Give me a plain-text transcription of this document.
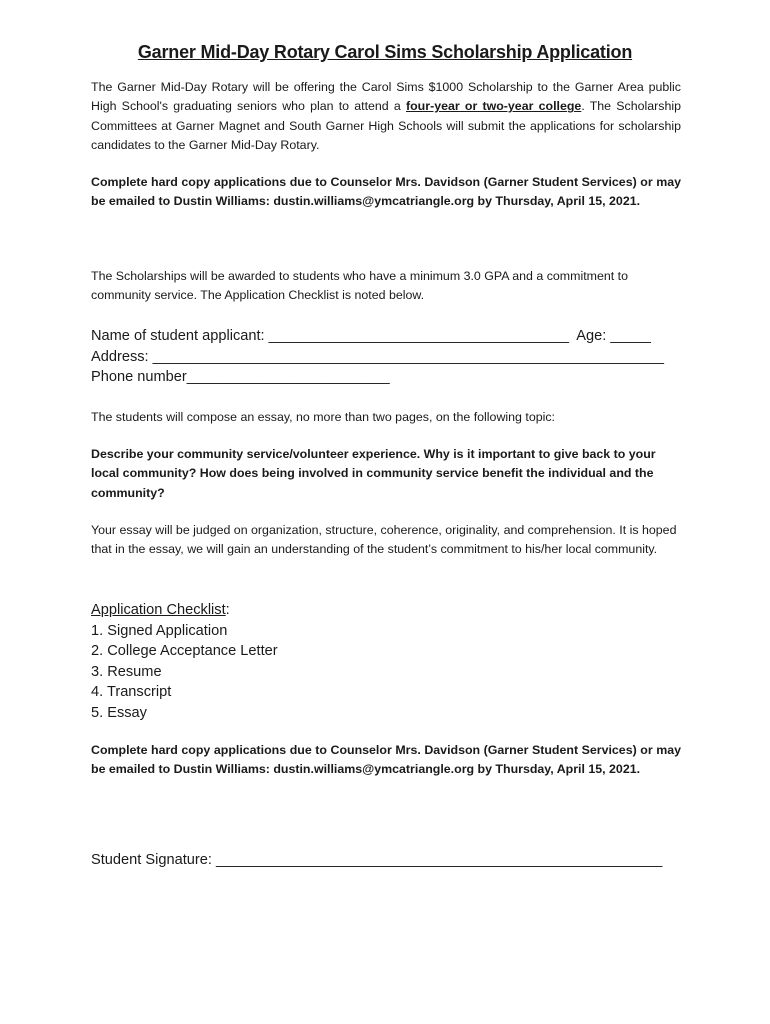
Garner Mid-Day Rotary Carol Sims Scholarship Application

The Garner Mid-Day Rotary will be offering the Carol Sims $1000 Scholarship to the Garner Area public High School's graduating seniors who plan to attend a four-year or two-year college. The Scholarship Committees at Garner Magnet and South Garner High Schools will submit the applications for scholarship candidates to the Garner Mid-Day Rotary.

Complete hard copy applications due to Counselor Mrs. Davidson (Garner Student Services) or may be emailed to Dustin Williams: dustin.williams@ymcatriangle.org by Thursday, April 15, 2021.

The Scholarships will be awarded to students who have a minimum 3.0 GPA and a commitment to community service. The Application Checklist is noted below.

Name of student applicant: _____________________________________  Age: _____

Address: _______________________________________________________________

Phone number_________________________

The students will compose an essay, no more than two pages, on the following topic:

Describe your community service/volunteer experience. Why is it important to give back to your local community? How does being involved in community service benefit the individual and the community?

Your essay will be judged on organization, structure, coherence, originality, and comprehension. It is hoped that in the essay, we will gain an understanding of the student’s commitment to his/her local community.

Application Checklist:

1. Signed Application
2. College Acceptance Letter
3. Resume
4. Transcript
5. Essay

Complete hard copy applications due to Counselor Mrs. Davidson (Garner Student Services) or may be emailed to Dustin Williams: dustin.williams@ymcatriangle.org by Thursday, April 15, 2021.

Student Signature: _______________________________________________________
